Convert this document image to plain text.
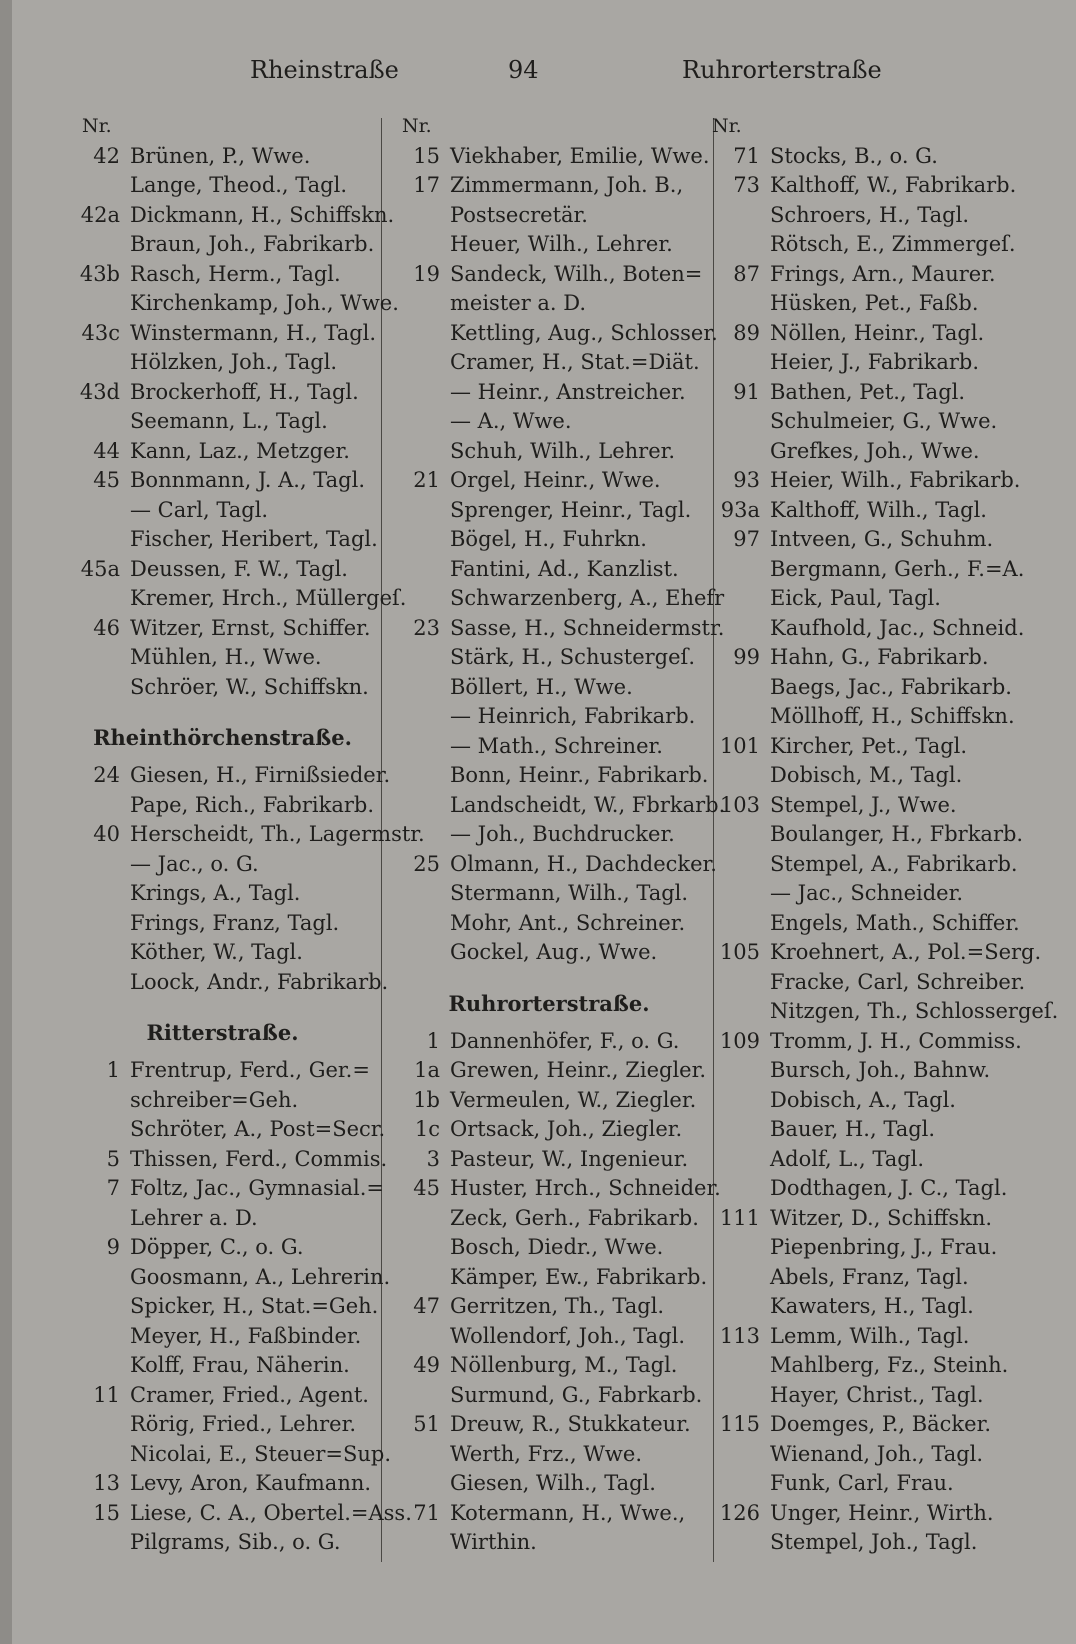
Rheinstraße	94	Ruhrorterstraße
Nr.
42 Brünen, P., Wwe.
Lange, Theod., Tagl.
42a Dickmann, H., Schiffskn.
Braun, Joh., Fabrikarb.
43b Rasch, Herm., Tagl.
Kirchenkamp, Joh., Wwe.
43c Winstermann, H., Tagl.
Hölzken, Joh., Tagl.
43d Brockerhoff, H., Tagl.
Seemann, L., Tagl.
44 Kann, Laz., Metzger.
45 Bonnmann, J. A., Tagl.
— Carl, Tagl.
Fischer, Heribert, Tagl.
45a Deussen, F. W., Tagl.
Kremer, Hrch., Müllergeſ.
46 Witzer, Ernst, Schiffer.
Mühlen, H., Wwe.
Schröer, W., Schiffskn.
Rheinthörchenstraße.
24 Giesen, H., Firnißsieder.
Pape, Rich., Fabrikarb.
40 Herscheidt, Th., Lagermstr.
— Jac., o. G.
Krings, A., Tagl.
Frings, Franz, Tagl.
Köther, W., Tagl.
Loock, Andr., Fabrikarb.
Ritterstraße.
1 Frentrup, Ferd., Ger.=
schreiber=Geh.
Schröter, A., Post=Secr.
5 Thissen, Ferd., Commis.
7 Foltz, Jac., Gymnasial.=
Lehrer a. D.
9 Döpper, C., o. G.
Goosmann, A., Lehrerin.
Spicker, H., Stat.=Geh.
Meyer, H., Faßbinder.
Kolff, Frau, Näherin.
11 Cramer, Fried., Agent.
Rörig, Fried., Lehrer.
Nicolai, E., Steuer=Sup.
13 Levy, Aron, Kaufmann.
15 Liese, C. A., Obertel.=Ass.
Pilgrams, Sib., o. G.
Nr.
15 Viekhaber, Emilie, Wwe.
17 Zimmermann, Joh. B.,
Postsecretär.
Heuer, Wilh., Lehrer.
19 Sandeck, Wilh., Boten=
meister a. D.
Kettling, Aug., Schlosser.
Cramer, H., Stat.=Diät.
— Heinr., Anstreicher.
— A., Wwe.
Schuh, Wilh., Lehrer.
21 Orgel, Heinr., Wwe.
Sprenger, Heinr., Tagl.
Bögel, H., Fuhrkn.
Fantini, Ad., Kanzlist.
Schwarzenberg, A., Ehefr
23 Sasse, H., Schneidermstr.
Stärk, H., Schustergeſ.
Böllert, H., Wwe.
— Heinrich, Fabrikarb.
— Math., Schreiner.
Bonn, Heinr., Fabrikarb.
Landscheidt, W., Fbrkarb.
— Joh., Buchdrucker.
25 Olmann, H., Dachdecker.
Stermann, Wilh., Tagl.
Mohr, Ant., Schreiner.
Gockel, Aug., Wwe.
Ruhrorterstraße.
1 Dannenhöfer, F., o. G.
1a Grewen, Heinr., Ziegler.
1b Vermeulen, W., Ziegler.
1c Ortsack, Joh., Ziegler.
3 Pasteur, W., Ingenieur.
45 Huster, Hrch., Schneider.
Zeck, Gerh., Fabrikarb.
Bosch, Diedr., Wwe.
Kämper, Ew., Fabrikarb.
47 Gerritzen, Th., Tagl.
Wollendorf, Joh., Tagl.
49 Nöllenburg, M., Tagl.
Surmund, G., Fabrkarb.
51 Dreuw, R., Stukkateur.
Werth, Frz., Wwe.
Giesen, Wilh., Tagl.
71 Kotermann, H., Wwe.,
Wirthin.
Nr.
71 Stocks, B., o. G.
73 Kalthoff, W., Fabrikarb.
Schroers, H., Tagl.
Rötsch, E., Zimmergeſ.
87 Frings, Arn., Maurer.
Hüsken, Pet., Faßb.
89 Nöllen, Heinr., Tagl.
Heier, J., Fabrikarb.
91 Bathen, Pet., Tagl.
Schulmeier, G., Wwe.
Grefkes, Joh., Wwe.
93 Heier, Wilh., Fabrikarb.
93a Kalthoff, Wilh., Tagl.
97 Intveen, G., Schuhm.
Bergmann, Gerh., F.=A.
Eick, Paul, Tagl.
Kaufhold, Jac., Schneid.
99 Hahn, G., Fabrikarb.
Baegs, Jac., Fabrikarb.
Möllhoff, H., Schiffskn.
101 Kircher, Pet., Tagl.
Dobisch, M., Tagl.
103 Stempel, J., Wwe.
Boulanger, H., Fbrkarb.
Stempel, A., Fabrikarb.
— Jac., Schneider.
Engels, Math., Schiffer.
105 Kroehnert, A., Pol.=Serg.
Fracke, Carl, Schreiber.
Nitzgen, Th., Schlossergeſ.
109 Tromm, J. H., Commiss.
Bursch, Joh., Bahnw.
Dobisch, A., Tagl.
Bauer, H., Tagl.
Adolf, L., Tagl.
Dodthagen, J. C., Tagl.
111 Witzer, D., Schiffskn.
Piepenbring, J., Frau.
Abels, Franz, Tagl.
Kawaters, H., Tagl.
113 Lemm, Wilh., Tagl.
Mahlberg, Fz., Steinh.
Hayer, Christ., Tagl.
115 Doemges, P., Bäcker.
Wienand, Joh., Tagl.
Funk, Carl, Frau.
126 Unger, Heinr., Wirth.
Stempel, Joh., Tagl.
